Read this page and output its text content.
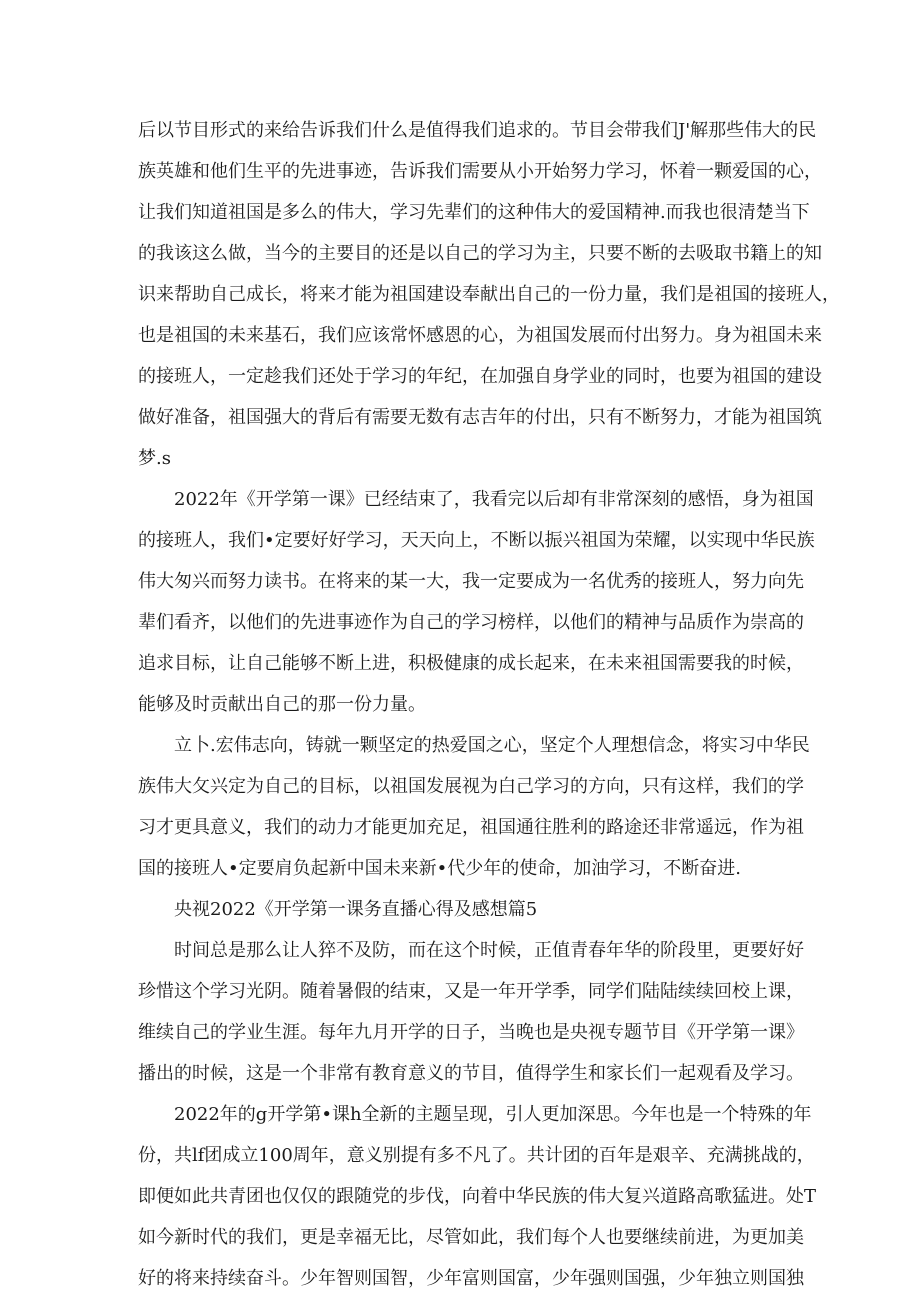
后以节目形式的来给告诉我们什么是值得我们追求的。节目会带我们J'解那些伟大的民
族英雄和他们生平的先进事迹，告诉我们需要从小开始努力学习，怀着一颗爱国的心，
让我们知道祖国是多么的伟大，学习先辈们的这种伟大的爱国精神.而我也很清楚当下
的我该这么做，当今的主要目的还是以自己的学习为主，只要不断的去吸取书籍上的知
识来帮助自己成长，将来才能为祖国建设奉献出自己的一份力量，我们是祖国的接班人，
也是祖国的未来基石，我们应该常怀感恩的心，为祖国发展而付出努力。身为祖国未来
的接班人，一定趁我们还处于学习的年纪，在加强自身学业的同时，也要为祖国的建设
做好准备，祖国强大的背后有需要无数有志吉年的付出，只有不断努力，才能为祖国筑
梦.s
2022年《开学第一课》已经结束了，我看完以后却有非常深刻的感悟，身为祖国
的接班人，我们•定要好好学习，天天向上，不断以振兴祖国为荣耀，以实现中华民族
伟大匆兴而努力读书。在将来的某一大，我一定要成为一名优秀的接班人，努力向先
辈们看齐，以他们的先进事迹作为自己的学习榜样，以他们的精神与品质作为崇高的
追求目标，让自己能够不断上进，积极健康的成长起来，在未来祖国需要我的时候，
能够及时贡献出自己的那一份力量。
立卜.宏伟志向，铸就一颗坚定的热爱国之心，坚定个人理想信念，将实习中华民
族伟大攵兴定为自己的目标，以祖国发展视为白己学习的方向，只有这样，我们的学
习才更具意义，我们的动力才能更加充足，祖国通往胜利的路途还非常遥远，作为祖
国的接班人•定要肩负起新中国未来新•代少年的使命，加油学习，不断奋进.
央视2022《开学第一课务直播心得及感想篇5
时间总是那么让人猝不及防，而在这个时候，正值青春年华的阶段里，更要好好
珍惜这个学习光阴。随着暑假的结束，又是一年开学季，同学们陆陆续续回校上课，
维续自己的学业生涯。每年九月开学的日子，当晚也是央视专题节目《开学第一课》
播出的时候，这是一个非常有教育意义的节目，值得学生和家长们一起观看及学习。
2022年的g开学第•课h全新的主题呈现，引人更加深思。今年也是一个特殊的年
份，共lf团成立100周年，意义别提有多不凡了。共计团的百年是艰辛、充满挑战的，
即便如此共青团也仅仅的跟随党的步伐，向着中华民族的伟大复兴道路高歌猛进。处T
如今新时代的我们，更是幸福无比，尽管如此，我们每个人也要继续前进，为更加美
好的将来持续奋斗。少年智则国智，少年富则国富，少年强则国强，少年独立则国独
